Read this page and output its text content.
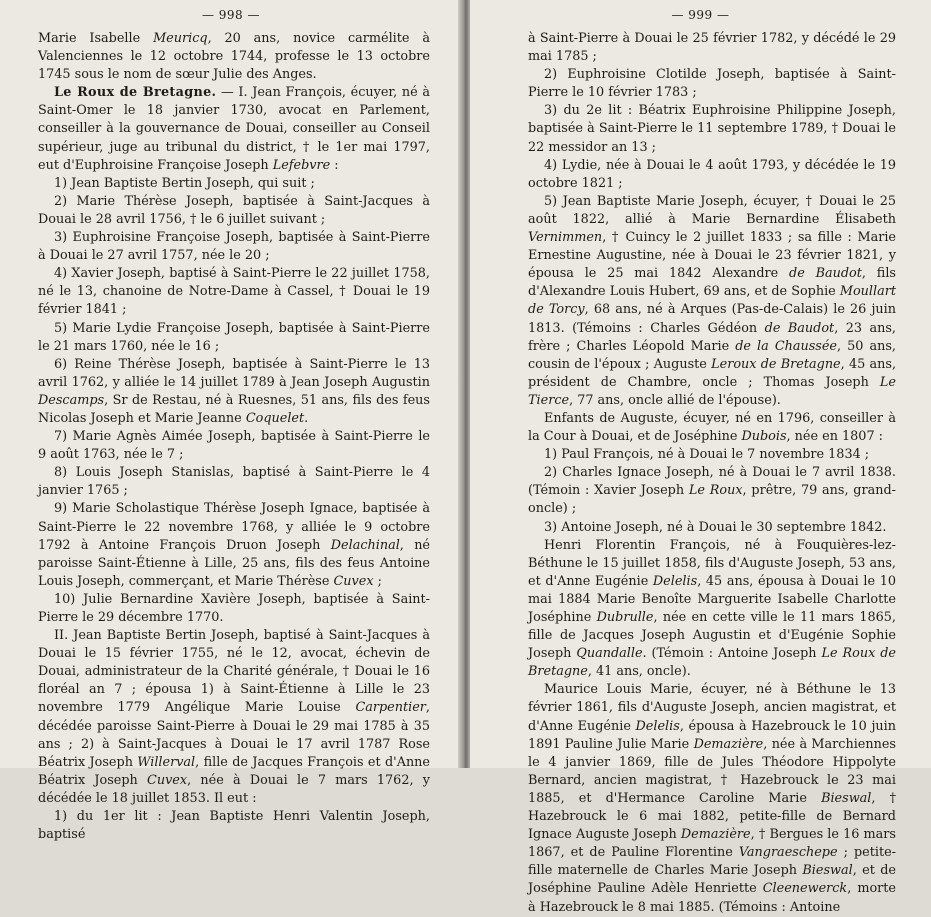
— 998 —

Marie Isabelle Meuricq, 20 ans, novice carmélite à Valenciennes le 12 octobre 1744, professe le 13 octobre 1745 sous le nom de sœur Julie des Anges.

Le Roux de Bretagne. — I. Jean François, écuyer, né à Saint-Omer le 18 janvier 1730, avocat en Parlement, conseiller à la gouvernance de Douai, conseiller au Conseil supérieur, juge au tribunal du district, † le 1er mai 1797, eut d'Euphroisine Françoise Joseph Lefebvre :

1) Jean Baptiste Bertin Joseph, qui suit ;

2) Marie Thérèse Joseph, baptisée à Saint-Jacques à Douai le 28 avril 1756, † le 6 juillet suivant ;

3) Euphroisine Françoise Joseph, baptisée à Saint-Pierre à Douai le 27 avril 1757, née le 20 ;

4) Xavier Joseph, baptisé à Saint-Pierre le 22 juillet 1758, né le 13, chanoine de Notre-Dame à Cassel, † Douai le 19 février 1841 ;

5) Marie Lydie Françoise Joseph, baptisée à Saint-Pierre le 21 mars 1760, née le 16 ;

6) Reine Thérèse Joseph, baptisée à Saint-Pierre le 13 avril 1762, y alliée le 14 juillet 1789 à Jean Joseph Augustin Descamps, Sr de Restau, né à Ruesnes, 51 ans, fils des feus Nicolas Joseph et Marie Jeanne Coquelet.

7) Marie Agnès Aimée Joseph, baptisée à Saint-Pierre le 9 août 1763, née le 7 ;

8) Louis Joseph Stanislas, baptisé à Saint-Pierre le 4 janvier 1765 ;

9) Marie Scholastique Thérèse Joseph Ignace, baptisée à Saint-Pierre le 22 novembre 1768, y alliée le 9 octobre 1792 à Antoine François Druon Joseph Delachinal, né paroisse Saint-Étienne à Lille, 25 ans, fils des feus Antoine Louis Joseph, commerçant, et Marie Thérèse Cuvex ;

10) Julie Bernardine Xavière Joseph, baptisée à Saint-Pierre le 29 décembre 1770.

II. Jean Baptiste Bertin Joseph, baptisé à Saint-Jacques à Douai le 15 février 1755, né le 12, avocat, échevin de Douai, administrateur de la Charité générale, † Douai le 16 floréal an 7 ; épousa 1) à Saint-Étienne à Lille le 23 novembre 1779 Angélique Marie Louise Carpentier, décédée paroisse Saint-Pierre à Douai le 29 mai 1785 à 35 ans ; 2) à Saint-Jacques à Douai le 17 avril 1787 Rose Béatrix Joseph Willerval, fille de Jacques François et d'Anne Béatrix Joseph Cuvex, née à Douai le 7 mars 1762, y décédée le 18 juillet 1853. Il eut :

1) du 1er lit : Jean Baptiste Henri Valentin Joseph, baptisé

— 999 —

à Saint-Pierre à Douai le 25 février 1782, y décédé le 29 mai 1785 ;

2) Euphroisine Clotilde Joseph, baptisée à Saint-Pierre le 10 février 1783 ;

3) du 2e lit : Béatrix Euphroisine Philippine Joseph, baptisée à Saint-Pierre le 11 septembre 1789, † Douai le 22 messidor an 13 ;

4) Lydie, née à Douai le 4 août 1793, y décédée le 19 octobre 1821 ;

5) Jean Baptiste Marie Joseph, écuyer, † Douai le 25 août 1822, allié à Marie Bernardine Élisabeth Vernimmen, † Cuincy le 2 juillet 1833 ; sa fille : Marie Ernestine Augustine, née à Douai le 23 février 1821, y épousa le 25 mai 1842 Alexandre de Baudot, fils d'Alexandre Louis Hubert, 69 ans, et de Sophie Moullart de Torcy, 68 ans, né à Arques (Pas-de-Calais) le 26 juin 1813. (Témoins : Charles Gédéon de Baudot, 23 ans, frère ; Charles Léopold Marie de la Chaussée, 50 ans, cousin de l'époux ; Auguste Leroux de Bretagne, 45 ans, président de Chambre, oncle ; Thomas Joseph Le Tierce, 77 ans, oncle allié de l'épouse).

Enfants de Auguste, écuyer, né en 1796, conseiller à la Cour à Douai, et de Joséphine Dubois, née en 1807 :

1) Paul François, né à Douai le 7 novembre 1834 ;

2) Charles Ignace Joseph, né à Douai le 7 avril 1838. (Témoin : Xavier Joseph Le Roux, prêtre, 79 ans, grand-oncle) ;

3) Antoine Joseph, né à Douai le 30 septembre 1842.

Henri Florentin François, né à Fouquières-lez-Béthune le 15 juillet 1858, fils d'Auguste Joseph, 53 ans, et d'Anne Eugénie Delelis, 45 ans, épousa à Douai le 10 mai 1884 Marie Benoîte Marguerite Isabelle Charlotte Joséphine Dubrulle, née en cette ville le 11 mars 1865, fille de Jacques Joseph Augustin et d'Eugénie Sophie Joseph Quandalle. (Témoin : Antoine Joseph Le Roux de Bretagne, 41 ans, oncle).

Maurice Louis Marie, écuyer, né à Béthune le 13 février 1861, fils d'Auguste Joseph, ancien magistrat, et d'Anne Eugénie Delelis, épousa à Hazebrouck le 10 juin 1891 Pauline Julie Marie Demazière, née à Marchiennes le 4 janvier 1869, fille de Jules Théodore Hippolyte Bernard, ancien magistrat, † Hazebrouck le 23 mai 1885, et d'Hermance Caroline Marie Bieswal, † Hazebrouck le 6 mai 1882, petite-fille de Bernard Ignace Auguste Joseph Demazière, † Bergues le 16 mars 1867, et de Pauline Florentine Vangraeschepe ; petite-fille maternelle de Charles Marie Joseph Bieswal, et de Joséphine Pauline Adèle Henriette Cleenewerck, morte à Hazebrouck le 8 mai 1885. (Témoins : Antoine
